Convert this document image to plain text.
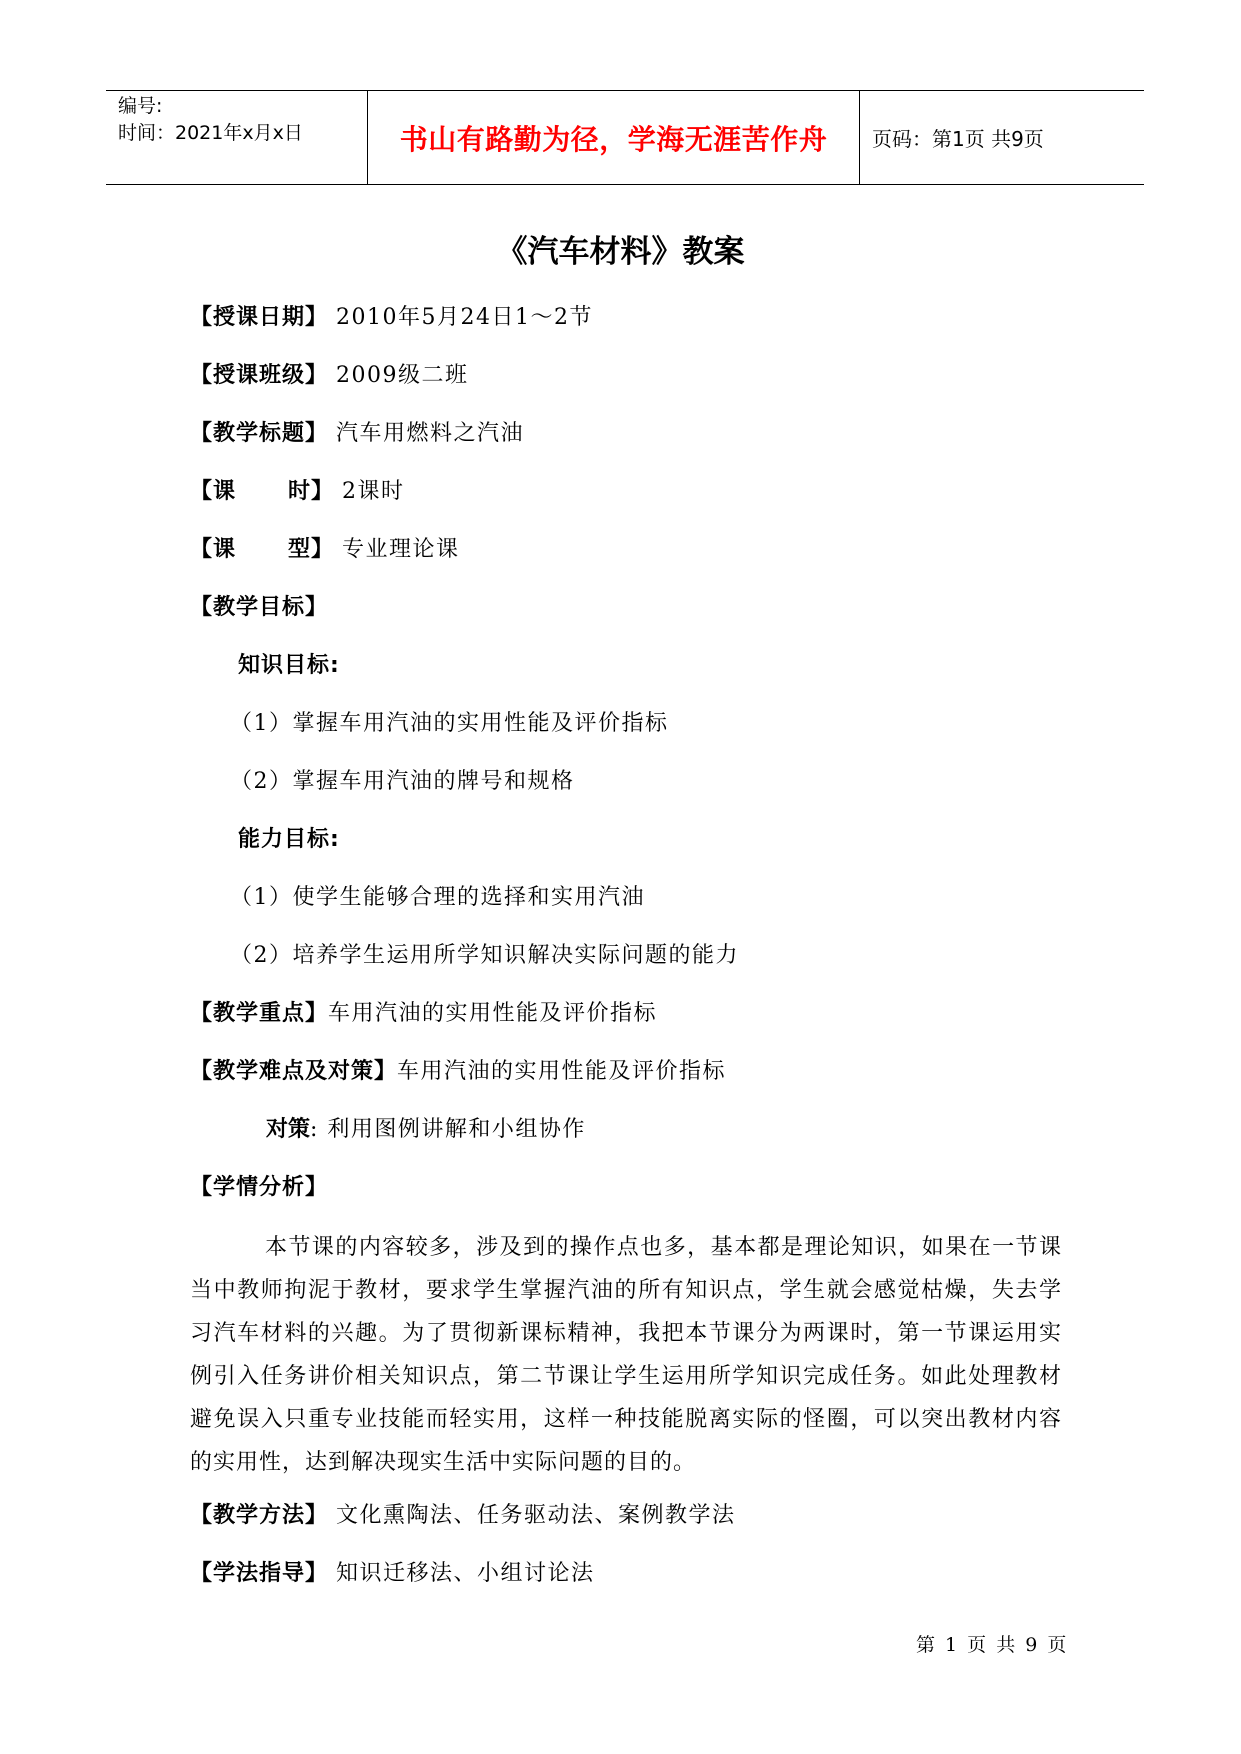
编号:
时间：2021年x月x日	书山有路勤为径，学海无涯苦作舟	页码：第1页 共9页
《汽车材料》教案
【授课日期】 2010年5月24日1～2节
【授课班级】 2009级二班
【教学标题】 汽车用燃料之汽油
【课      时】 2课时
【课      型】 专业理论课
【教学目标】
知识目标:
（1）掌握车用汽油的实用性能及评价指标
（2）掌握车用汽油的牌号和规格
能力目标:
（1）使学生能够合理的选择和实用汽油
（2）培养学生运用所学知识解决实际问题的能力
【教学重点】车用汽油的实用性能及评价指标
【教学难点及对策】车用汽油的实用性能及评价指标
对策: 利用图例讲解和小组协作
【学情分析】

本节课的内容较多，涉及到的操作点也多，基本都是理论知识，如果在一节课当中教师拘泥于教材，要求学生掌握汽油的所有知识点，学生就会感觉枯燥，失去学习汽车材料的兴趣。为了贯彻新课标精神，我把本节课分为两课时，第一节课运用实例引入任务讲价相关知识点，第二节课让学生运用所学知识完成任务。如此处理教材避免误入只重专业技能而轻实用，这样一种技能脱离实际的怪圈，可以突出教材内容的实用性，达到解决现实生活中实际问题的目的。

【教学方法】 文化熏陶法、任务驱动法、案例教学法
【学法指导】 知识迁移法、小组讨论法
第 1 页 共 9 页
